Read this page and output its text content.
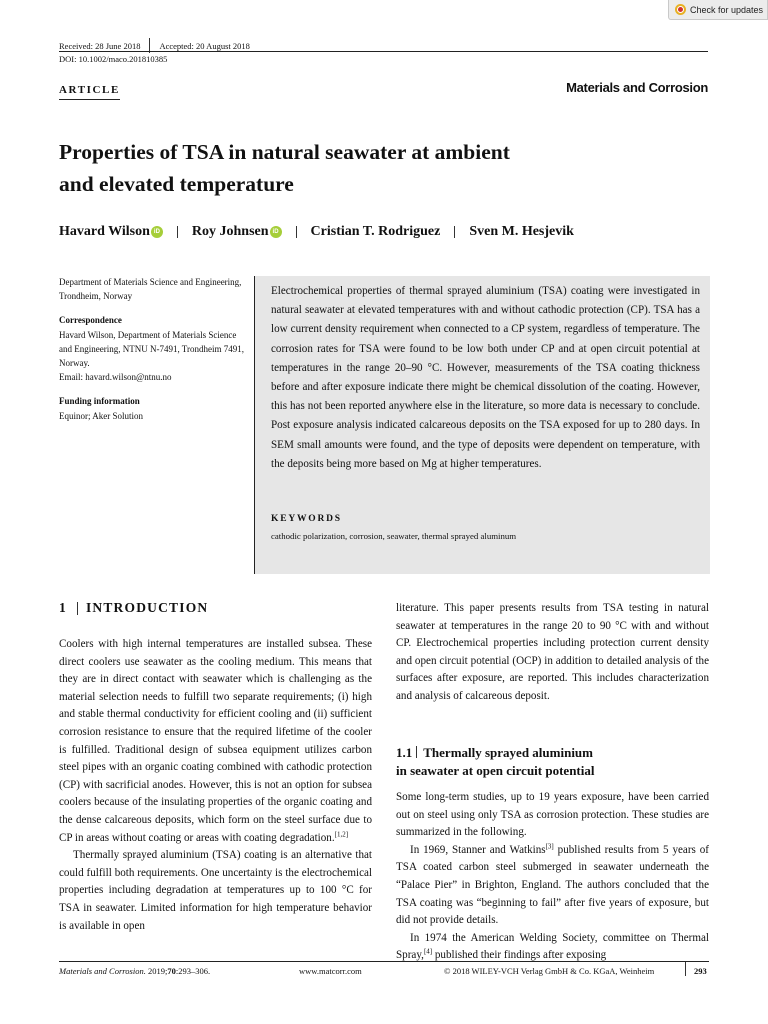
Check for updates
Received: 28 June 2018 Accepted: 20 August 2018
DOI: 10.1002/maco.201810385
ARTICLE	Materials and Corrosion
Properties of TSA in natural seawater at ambient
and elevated temperature
Havard Wilson iD Roy Johnsen iD Cristian T. Rodriguez Sven M. Hesjevik

Department of Materials Science and Engineering, Trondheim, Norway

Correspondence
Havard Wilson, Department of Materials Science and Engineering, NTNU N-7491, Trondheim 7491, Norway.
Email: havard.wilson@ntnu.no

Funding information
Equinor; Aker Solution

Electrochemical properties of thermal sprayed aluminium (TSA) coating were investigated in natural seawater at elevated temperatures with and without cathodic protection (CP). TSA has a low current density requirement when connected to a CP system, regardless of temperature. The corrosion rates for TSA were found to be low both under CP and at open circuit potential at temperatures in the range 20–90 °C. However, measurements of the TSA coating thickness before and after exposure indicate there might be chemical dissolution of the coating. However, this has not been reported anywhere else in the literature, so more data is necessary to conclude. Post exposure analysis indicated calcareous deposits on the TSA exposed for up to 280 days. In SEM small amounts were found, and the type of deposits were dependent on temperature, with the deposits being more based on Mg at higher temperatures.
KEYWORDS
cathodic polarization, corrosion, seawater, thermal sprayed aluminum
1 INTRODUCTION

Coolers with high internal temperatures are installed subsea. These direct coolers use seawater as the cooling medium. This means that they are in direct contact with seawater which is challenging as the material selection needs to fulfill two separate requirements; (i) high and stable thermal conductivity for efficient cooling and (ii) sufficient corrosion resistance to ensure that the required lifetime of the cooler is fulfilled. Traditional design of subsea equipment utilizes carbon steel pipes with an organic coating combined with cathodic protection (CP) with sacrificial anodes. However, this is not an option for subsea coolers because of the insulating properties of the organic coating and the dense calcareous deposits, which form on the steel surface due to CP in areas without coating or areas with coating degradation.[1,2]

Thermally sprayed aluminium (TSA) coating is an alternative that could fulfill both requirements. One uncertainty is the electrochemical properties including degradation at temperatures up to 100 °C for TSA in seawater. Limited information for high temperature behavior is available in open

literature. This paper presents results from TSA testing in natural seawater at temperatures in the range 20 to 90 °C with and without CP. Electrochemical properties including protection current density and open circuit potential (OCP) in addition to detailed analysis of the surfaces after exposure, are reported. This includes characterization and analysis of calcareous deposit.

1.1 Thermally sprayed aluminium
in seawater at open circuit potential

Some long-term studies, up to 19 years exposure, have been carried out on steel using only TSA as corrosion protection. These studies are summarized in the following.

In 1969, Stanner and Watkins[3] published results from 5 years of TSA coated carbon steel submerged in seawater underneath the “Palace Pier” in Brighton, England. The authors concluded that the TSA coating was “beginning to fail” after five years of exposure, but did not provide details.

In 1974 the American Welding Society, committee on Thermal Spray,[4] published their findings after exposing

Materials and Corrosion. 2019;70:293–306.	www.matcorr.com	© 2018 WILEY-VCH Verlag GmbH & Co. KGaA, Weinheim	293
